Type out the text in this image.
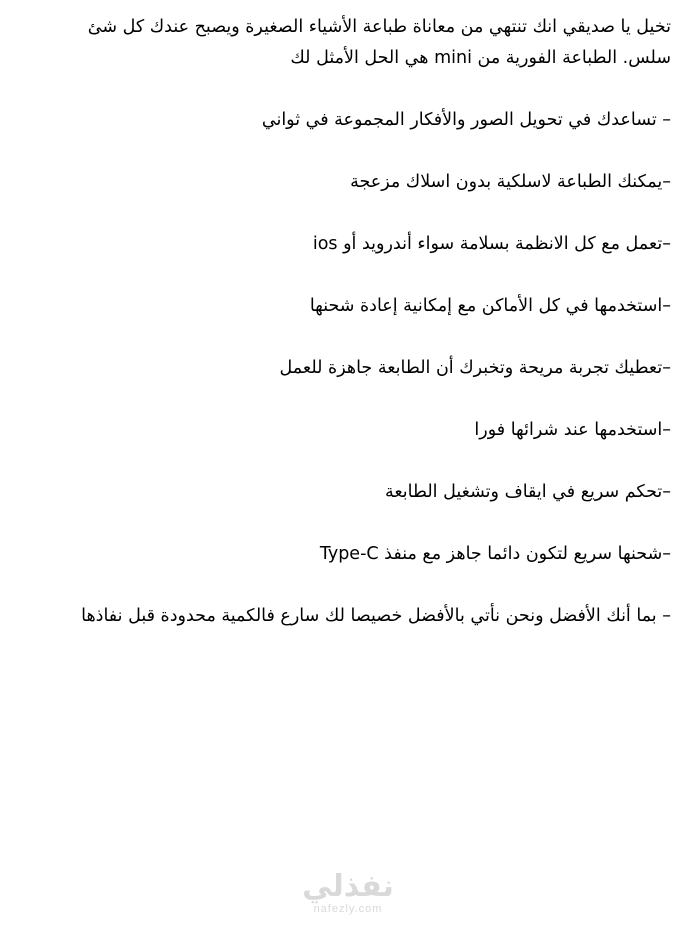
تخيل يا صديقي انك تنتهي من معاناة طباعة الأشياء الصغيرة ويصبح عندك كل شئ سلس. الطباعة الفورية من mini هي الحل الأمثل لك

– تساعدك في تحويل الصور والأفكار المجموعة في ثواني

–يمكنك الطباعة لاسلكية بدون اسلاك مزعجة

–تعمل مع كل الانظمة بسلامة سواء أندرويد أو ios

–استخدمها في كل الأماكن مع إمكانية إعادة شحنها

–تعطيك تجربة مريحة وتخبرك أن الطابعة جاهزة للعمل

–استخدمها عند شرائها فورا

–تحكم سريع في ايقاف وتشغيل الطابعة

–شحنها سريع لتكون دائما جاهز مع منفذ Type-C

– بما أنك الأفضل ونحن نأتي بالأفضل خصيصا لك سارع فالكمية محدودة قبل نفاذها

نفذلي
nafezly.com
